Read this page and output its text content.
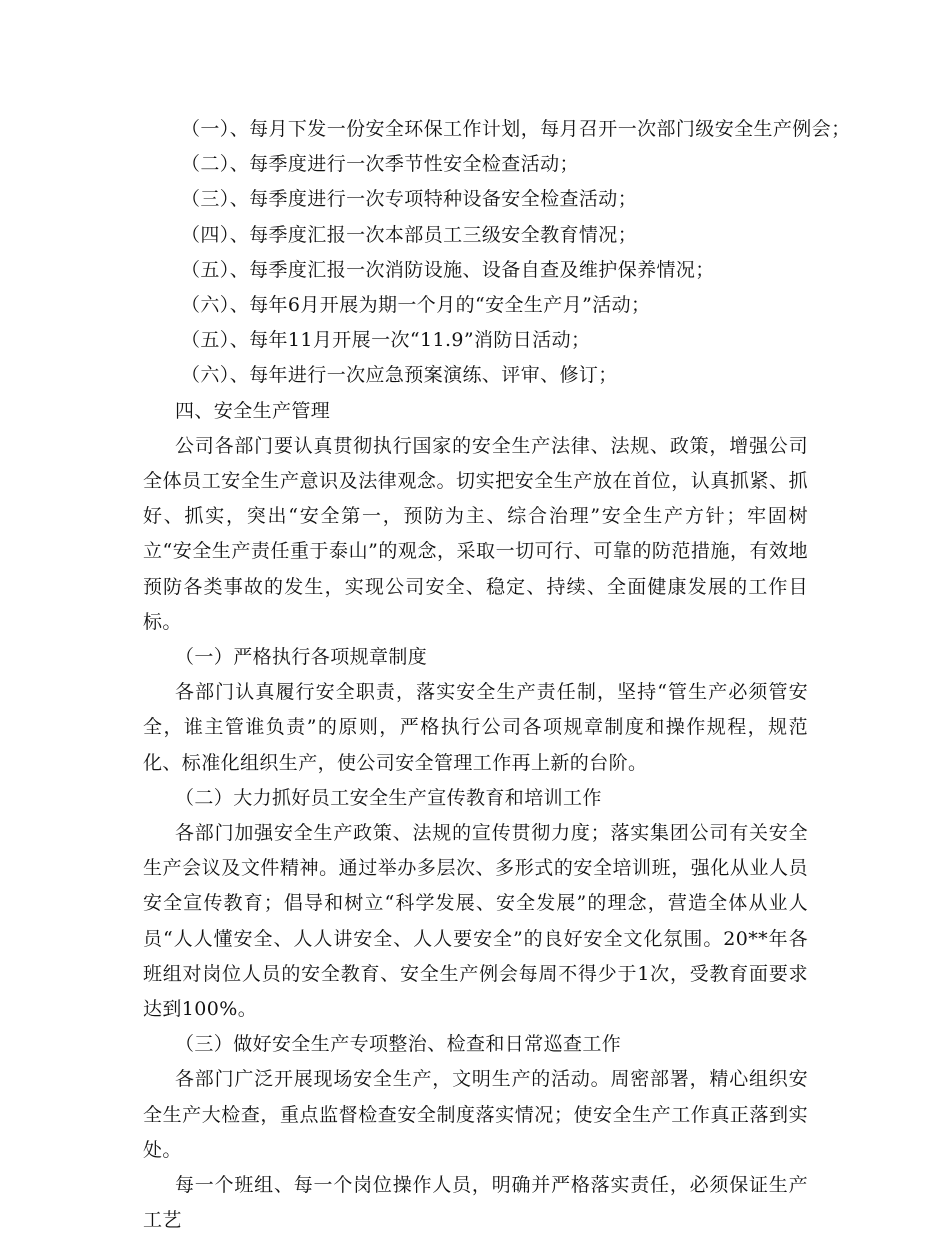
（一）、每月下发一份安全环保工作计划，每月召开一次部门级安全生产例会；

（二）、每季度进行一次季节性安全检查活动；

（三）、每季度进行一次专项特种设备安全检查活动；

（四）、每季度汇报一次本部员工三级安全教育情况；

（五）、每季度汇报一次消防设施、设备自查及维护保养情况；

（六）、每年6月开展为期一个月的“安全生产月”活动；

（五）、每年11月开展一次“11.9”消防日活动；

（六）、每年进行一次应急预案演练、评审、修订；

四、安全生产管理

公司各部门要认真贯彻执行国家的安全生产法律、法规、政策，增强公司全体员工安全生产意识及法律观念。切实把安全生产放在首位，认真抓紧、抓好、抓实，突出“安全第一，预防为主、综合治理”安全生产方针；牢固树立“安全生产责任重于泰山”的观念，采取一切可行、可靠的防范措施，有效地预防各类事故的发生，实现公司安全、稳定、持续、全面健康发展的工作目标。

（一）严格执行各项规章制度

各部门认真履行安全职责，落实安全生产责任制，坚持“管生产必须管安全，谁主管谁负责”的原则，严格执行公司各项规章制度和操作规程，规范化、标准化组织生产，使公司安全管理工作再上新的台阶。

（二）大力抓好员工安全生产宣传教育和培训工作

各部门加强安全生产政策、法规的宣传贯彻力度；落实集团公司有关安全生产会议及文件精神。通过举办多层次、多形式的安全培训班，强化从业人员安全宣传教育；倡导和树立“科学发展、安全发展”的理念，营造全体从业人员“人人懂安全、人人讲安全、人人要安全”的良好安全文化氛围。20**年各班组对岗位人员的安全教育、安全生产例会每周不得少于1次，受教育面要求达到100%。

（三）做好安全生产专项整治、检查和日常巡查工作

各部门广泛开展现场安全生产，文明生产的活动。周密部署，精心组织安全生产大检查，重点监督检查安全制度落实情况；使安全生产工作真正落到实处。

每一个班组、每一个岗位操作人员，明确并严格落实责任，必须保证生产工艺
